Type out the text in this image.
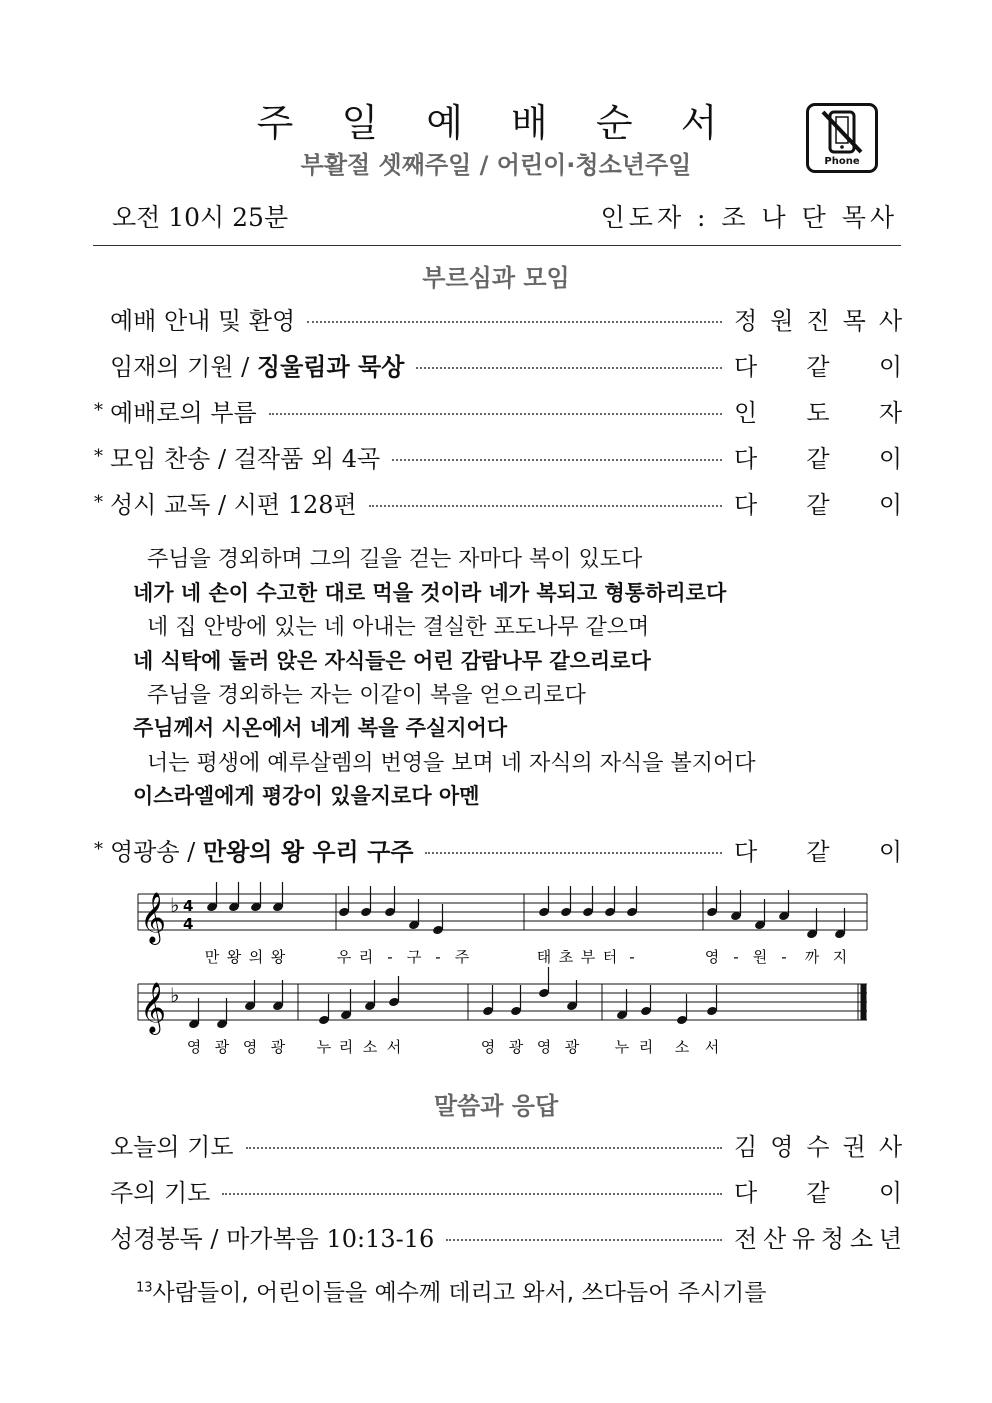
주 일 예 배 순 서
부활절 셋째주일 / 어린이·청소년주일	Phone
오전 10시 25분	인도자 : 조 나 단 목사
부르심과 모임
예배 안내 및 환영	정 원 진 목 사
임재의 기원 / 징울림과 묵상	다 같 이
* 예배로의 부름	인 도 자
* 모임 찬송 / 걸작품 외 4곡	다 같 이
* 성시 교독 / 시편 128편	다 같 이
* 영광송 / 만왕의 왕 우리 구주	다 같 이
오늘의 기도	김 영 수 권 사
주의 기도	다 같 이
성경봉독 / 마가복음 10:13-16	전 산 유 청 소 년
주님을 경외하며 그의 길을 걷는 자마다 복이 있도다
네가 네 손이 수고한 대로 먹을 것이라 네가 복되고 형통하리로다
네 집 안방에 있는 네 아내는 결실한 포도나무 같으며
네 식탁에 둘러 앉은 자식들은 어린 감람나무 같으리로다
주님을 경외하는 자는 이같이 복을 얻으리로다
주님께서 시온에서 네게 복을 주실지어다
너는 평생에 예루살렘의 번영을 보며 네 자식의 자식을 볼지어다
이스라엘에게 평강이 있을지로다 아멘
𝄞 ♭ 4
4
만 왕 의 왕	우 리 - 구 - 주	태 초 부 터 -	영 - 원 - 까 지
𝄞 ♭
영 광 영 광 누 리 소 서	영 광 영 광 누 리 소 서
말씀과 응답
$^{13}$사람들이, 어린이들을 예수께 데리고 와서, 쓰다듬어 주시기를
